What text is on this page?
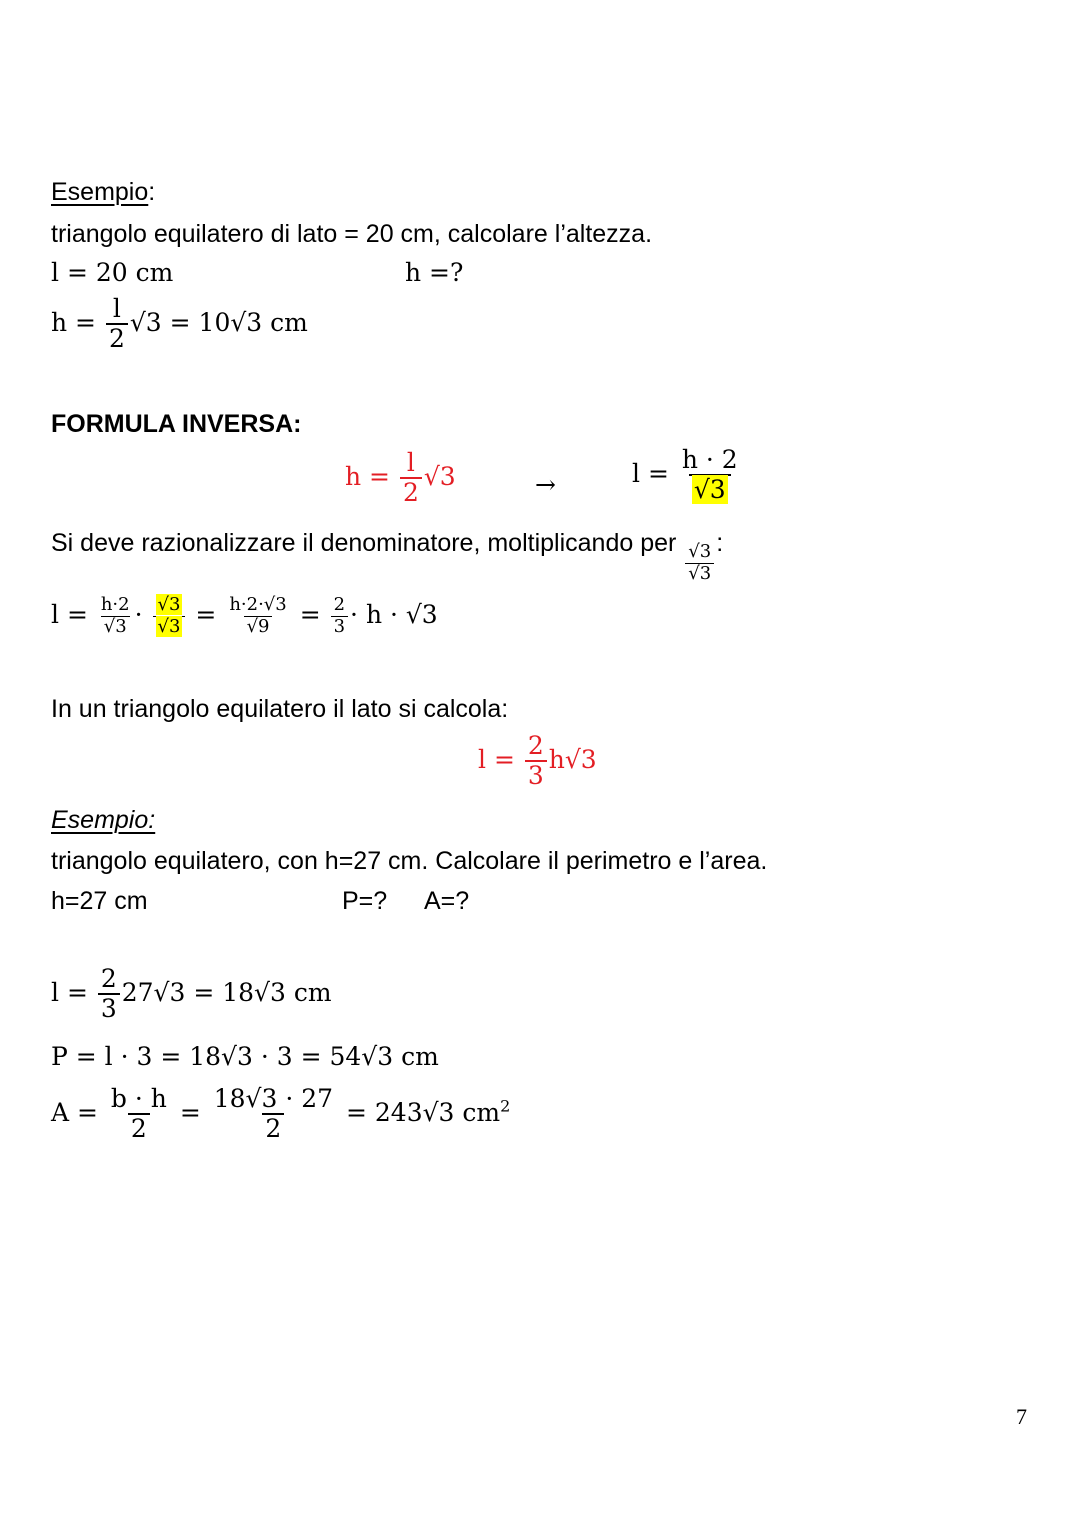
Esempio:
triangolo equilatero di lato = 20 cm, calcolare l’altezza.
l = 20 cm	h =?
$h = \frac{l}{2} √3 = 10√3$ cm
FORMULA INVERSA:
$h = \frac{l}{2} √3$	→	$l = \frac{h \cdot 2}{√3}$
Si deve razionalizzare il denominatore, moltiplicando per $\frac{√3}{√3}$ :
$l = \frac{h\cdot 2}{√3} \cdot \frac{√3}{√3} = \frac{h\cdot 2\cdot√3}{√9} = \frac{2}{3} \cdot h \cdot √3$
In un triangolo equilatero il lato si calcola:
$l = \frac{2}{3} h√3$
Esempio:
triangolo equilatero, con h=27 cm. Calcolare il perimetro e l’area.
h=27 cm	P=? A=?
$l = \frac{2}{3} 27√3 = 18√3$ cm
P = l · 3 = 18√3 · 3 = 54√3 cm
$A = \frac{b \cdot h}{2} = \frac{18√3 \cdot 27}{2} = 243√3$ $cm^2$
7
